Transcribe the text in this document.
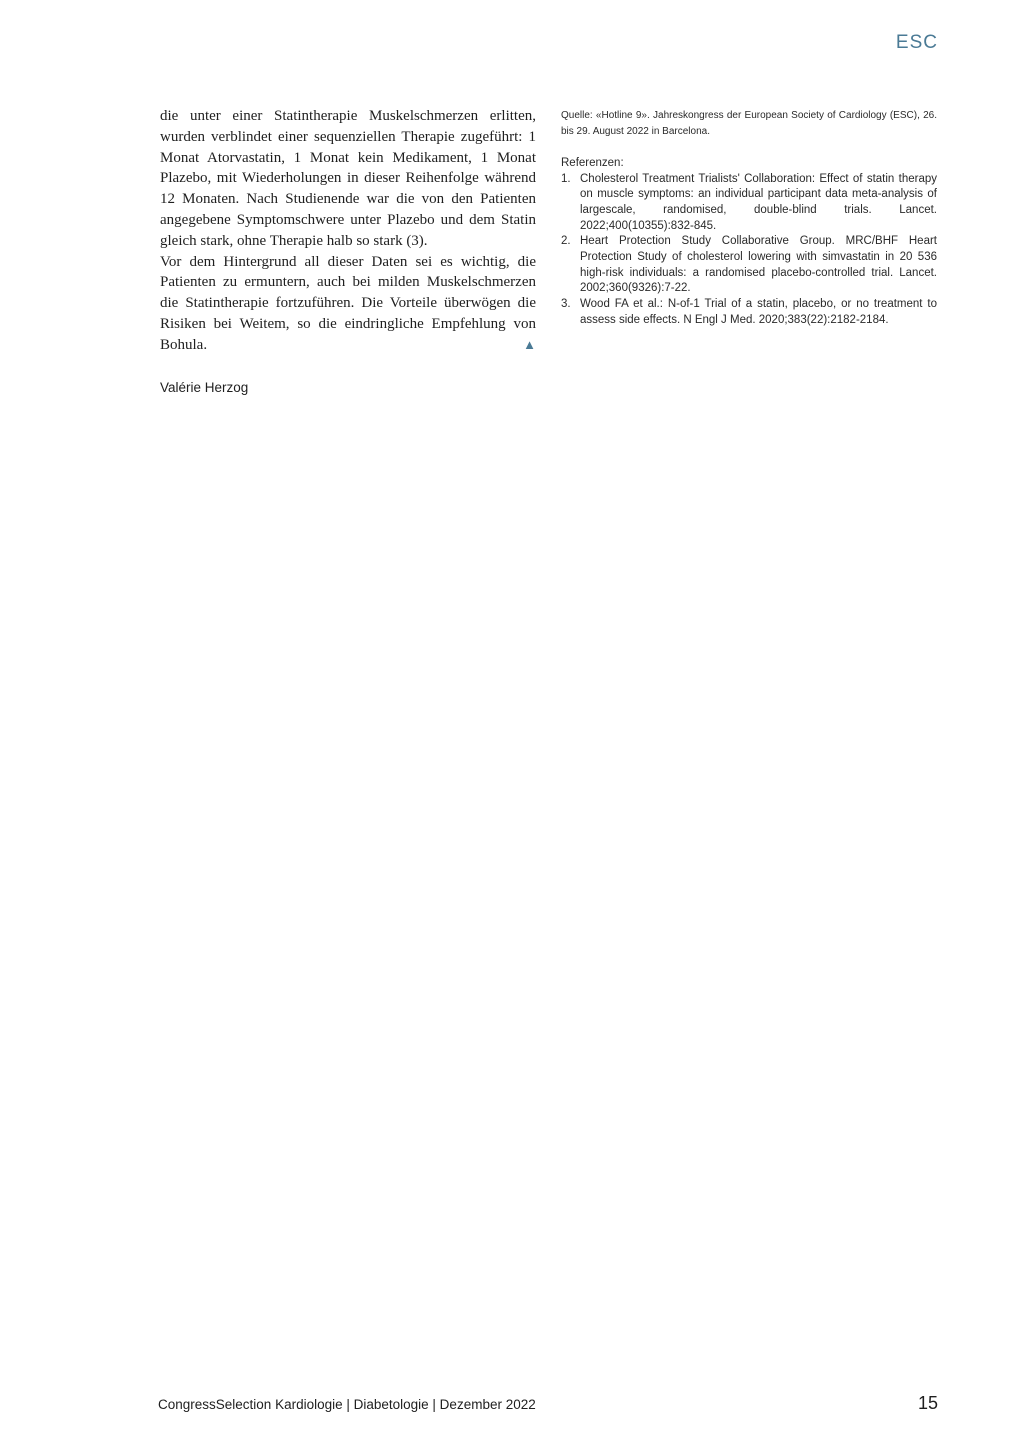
ESC

die unter einer Statintherapie Muskelschmerzen erlitten, wurden verblindet einer sequenziellen Therapie zugeführt: 1 Monat Atorvastatin, 1 Monat kein Medikament, 1 Monat Plazebo, mit Wiederholungen in dieser Reihenfolge während 12 Monaten. Nach Studienende war die von den Patienten angegebene Symptomschwere unter Plazebo und dem Statin gleich stark, ohne Therapie halb so stark (3).

Vor dem Hintergrund all dieser Daten sei es wichtig, die Patienten zu ermuntern, auch bei milden Muskelschmerzen die Statintherapie fortzuführen. Die Vorteile überwögen die Risiken bei Weitem, so die eindringliche Empfehlung von Bohula.	▲

Valérie Herzog

Quelle: «Hotline 9». Jahreskongress der European Society of Cardiology (ESC), 26. bis 29. August 2022 in Barcelona.

Referenzen:

1. Cholesterol Treatment Trialists' Collaboration: Effect of statin therapy on muscle symptoms: an individual participant data meta-analysis of largescale, randomised, double-blind trials. Lancet. 2022;400(10355):832-845.
2. Heart Protection Study Collaborative Group. MRC/BHF Heart Protection Study of cholesterol lowering with simvastatin in 20 536 high-risk individuals: a randomised placebo-controlled trial. Lancet. 2002;360(9326):7-22.
3. Wood FA et al.: N-of-1 Trial of a statin, placebo, or no treatment to assess side effects. N Engl J Med. 2020;383(22):2182-2184.
CongressSelection Kardiologie | Diabetologie | Dezember 2022	15
